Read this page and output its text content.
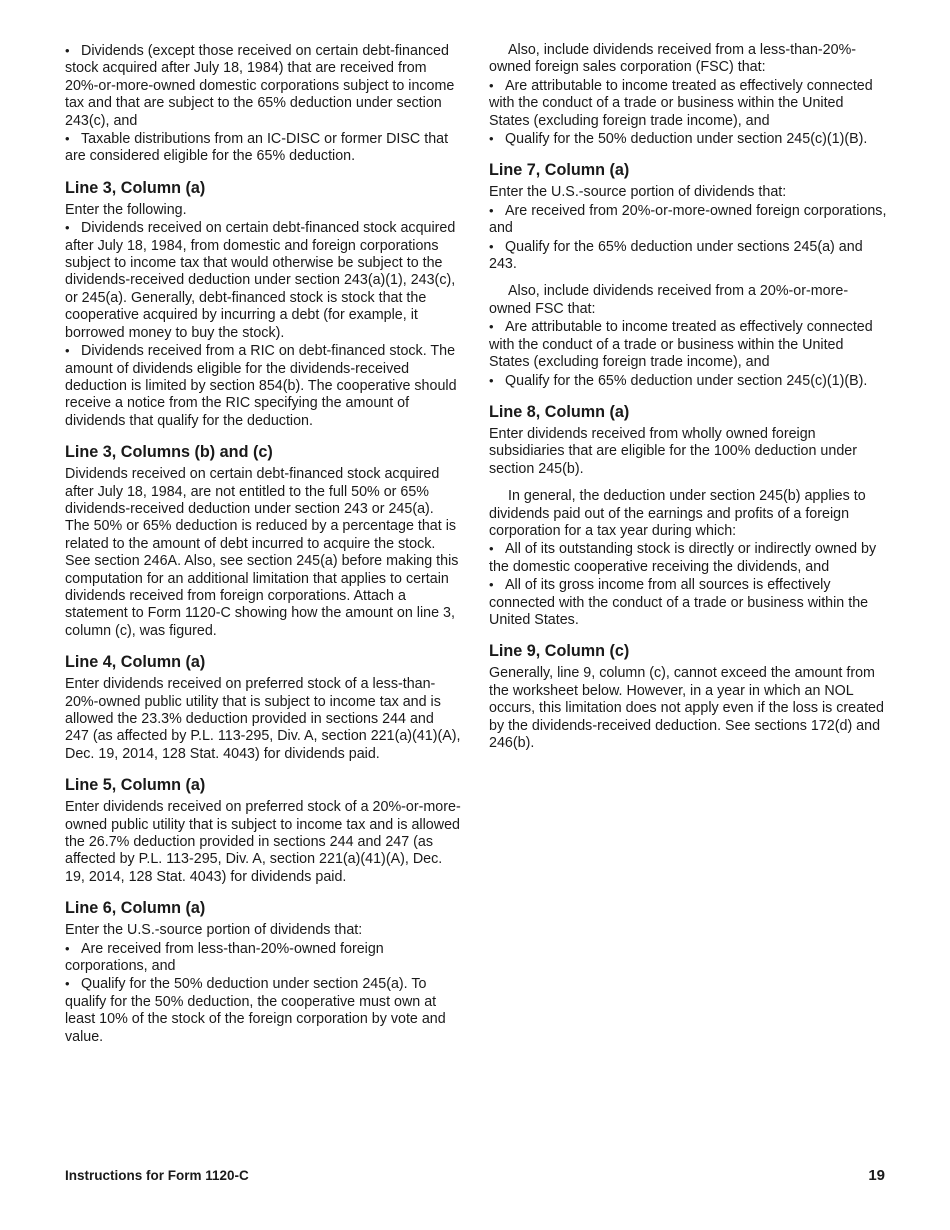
• Dividends (except those received on certain debt-financed stock acquired after July 18, 1984) that are received from 20%-or-more-owned domestic corporations subject to income tax and that are subject to the 65% deduction under section 243(c), and

• Taxable distributions from an IC-DISC or former DISC that are considered eligible for the 65% deduction.

Line 3, Column (a)

Enter the following.

• Dividends received on certain debt-financed stock acquired after July 18, 1984, from domestic and foreign corporations subject to income tax that would otherwise be subject to the dividends-received deduction under section 243(a)(1), 243(c), or 245(a). Generally, debt-financed stock is stock that the cooperative acquired by incurring a debt (for example, it borrowed money to buy the stock).

• Dividends received from a RIC on debt-financed stock. The amount of dividends eligible for the dividends-received deduction is limited by section 854(b). The cooperative should receive a notice from the RIC specifying the amount of dividends that qualify for the deduction.

Line 3, Columns (b) and (c)

Dividends received on certain debt-financed stock acquired after July 18, 1984, are not entitled to the full 50% or 65% dividends-received deduction under section 243 or 245(a). The 50% or 65% deduction is reduced by a percentage that is related to the amount of debt incurred to acquire the stock. See section 246A. Also, see section 245(a) before making this computation for an additional limitation that applies to certain dividends received from foreign corporations. Attach a statement to Form 1120-C showing how the amount on line 3, column (c), was figured.

Line 4, Column (a)

Enter dividends received on preferred stock of a less-than-20%-owned public utility that is subject to income tax and is allowed the 23.3% deduction provided in sections 244 and 247 (as affected by P.L. 113-295, Div. A, section 221(a)(41)(A), Dec. 19, 2014, 128 Stat. 4043) for dividends paid.

Line 5, Column (a)

Enter dividends received on preferred stock of a 20%-or-more-owned public utility that is subject to income tax and is allowed the 26.7% deduction provided in sections 244 and 247 (as affected by P.L. 113-295, Div. A, section 221(a)(41)(A), Dec. 19, 2014, 128 Stat. 4043) for dividends paid.

Line 6, Column (a)

Enter the U.S.-source portion of dividends that:

• Are received from less-than-20%-owned foreign corporations, and

• Qualify for the 50% deduction under section 245(a). To qualify for the 50% deduction, the cooperative must own at least 10% of the stock of the foreign corporation by vote and value.

Also, include dividends received from a less-than-20%-owned foreign sales corporation (FSC) that:

• Are attributable to income treated as effectively connected with the conduct of a trade or business within the United States (excluding foreign trade income), and

• Qualify for the 50% deduction under section 245(c)(1)(B).

Line 7, Column (a)

Enter the U.S.-source portion of dividends that:

• Are received from 20%-or-more-owned foreign corporations, and

• Qualify for the 65% deduction under sections 245(a) and 243.

Also, include dividends received from a 20%-or-more-owned FSC that:

• Are attributable to income treated as effectively connected with the conduct of a trade or business within the United States (excluding foreign trade income), and

• Qualify for the 65% deduction under section 245(c)(1)(B).

Line 8, Column (a)

Enter dividends received from wholly owned foreign subsidiaries that are eligible for the 100% deduction under section 245(b).

In general, the deduction under section 245(b) applies to dividends paid out of the earnings and profits of a foreign corporation for a tax year during which:

• All of its outstanding stock is directly or indirectly owned by the domestic cooperative receiving the dividends, and

• All of its gross income from all sources is effectively connected with the conduct of a trade or business within the United States.

Line 9, Column (c)

Generally, line 9, column (c), cannot exceed the amount from the worksheet below. However, in a year in which an NOL occurs, this limitation does not apply even if the loss is created by the dividends-received deduction. See sections 172(d) and 246(b).

Instructions for Form 1120-C	19
